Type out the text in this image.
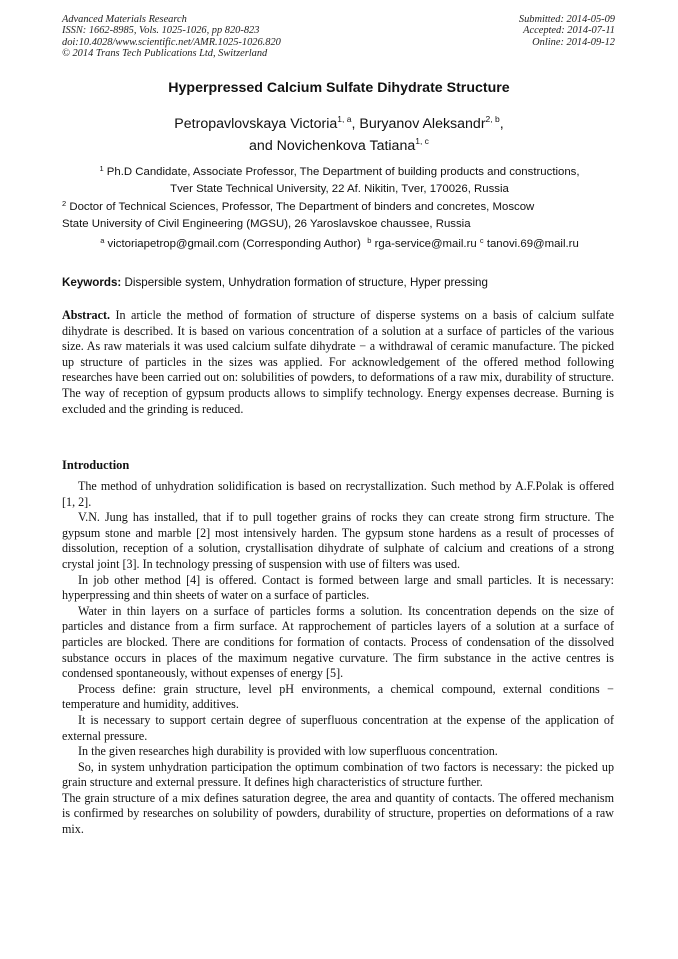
Advanced Materials Research
ISSN: 1662-8985, Vols. 1025-1026, pp 820-823
doi:10.4028/www.scientific.net/AMR.1025-1026.820
© 2014 Trans Tech Publications Ltd, Switzerland
Submitted: 2014-05-09
Accepted: 2014-07-11
Online: 2014-09-12
Hyperpressed Calcium Sulfate Dihydrate Structure
Petropavlovskaya Victoria$^{1, a}$, Buryanov Aleksandr$^{2, b}$,
and Novichenkova Tatiana$^{1, c}$
$^1$ Ph.D Candidate, Associate Professor, The Department of building products and constructions,
Tver State Technical University, 22 Af. Nikitin, Tver, 170026, Russia
$^2$ Doctor of Technical Sciences, Professor, The Department of binders and concretes, Moscow
State University of Civil Engineering (MGSU), 26 Yaroslavskoe chaussee, Russia
$^a$ victoriapetrop@gmail.com (Corresponding Author) $^b$ rga-service@mail.ru $^c$ tanovi.69@mail.ru
Keywords: Dispersible system, Unhydration formation of structure, Hyper pressing
Abstract. In article the method of formation of structure of disperse systems on a basis of calcium sulfate dihydrate is described. It is based on various concentration of a solution at a surface of particles of the various size. As raw materials it was used calcium sulfate dihydrate − a withdrawal of ceramic manufacture. The picked up structure of particles in the sizes was applied. For acknowledgement of the offered method following researches have been carried out on: solubilities of powders, to deformations of a raw mix, durability of structure. The way of reception of gypsum products allows to simplify technology. Energy expenses decrease. Burning is excluded and the grinding is reduced.
Introduction

The method of unhydration solidification is based on recrystallization. Such method by A.F.Polak is offered [1, 2].

V.N. Jung has installed, that if to pull together grains of rocks they can create strong firm structure. The gypsum stone and marble [2] most intensively harden. The gypsum stone hardens as a result of processes of dissolution, reception of a solution, crystallisation dihydrate of sulphate of calcium and creations of a strong crystal joint [3]. In technology pressing of suspension with use of filters was used.

In job other method [4] is offered. Contact is formed between large and small particles. It is necessary: hyperpressing and thin sheets of water on a surface of particles.

Water in thin layers on a surface of particles forms a solution. Its concentration depends on the size of particles and distance from a firm surface. At rapprochement of particles layers of a solution at a surface of particles are blocked. There are conditions for formation of contacts. Process of condensation of the dissolved substance occurs in places of the maximum negative curvature. The firm substance in the active centres is condensed spontaneously, without expenses of energy [5].

Process define: grain structure, level pH environments, a chemical compound, external conditions − temperature and humidity, additives.

It is necessary to support certain degree of superfluous concentration at the expense of the application of external pressure.

In the given researches high durability is provided with low superfluous concentration.

So, in system unhydration participation the optimum combination of two factors is necessary: the picked up grain structure and external pressure. It defines high characteristics of structure further.

The grain structure of a mix defines saturation degree, the area and quantity of contacts. The offered mechanism is confirmed by researches on solubility of powders, durability of structure, properties on deformations of a raw mix.
